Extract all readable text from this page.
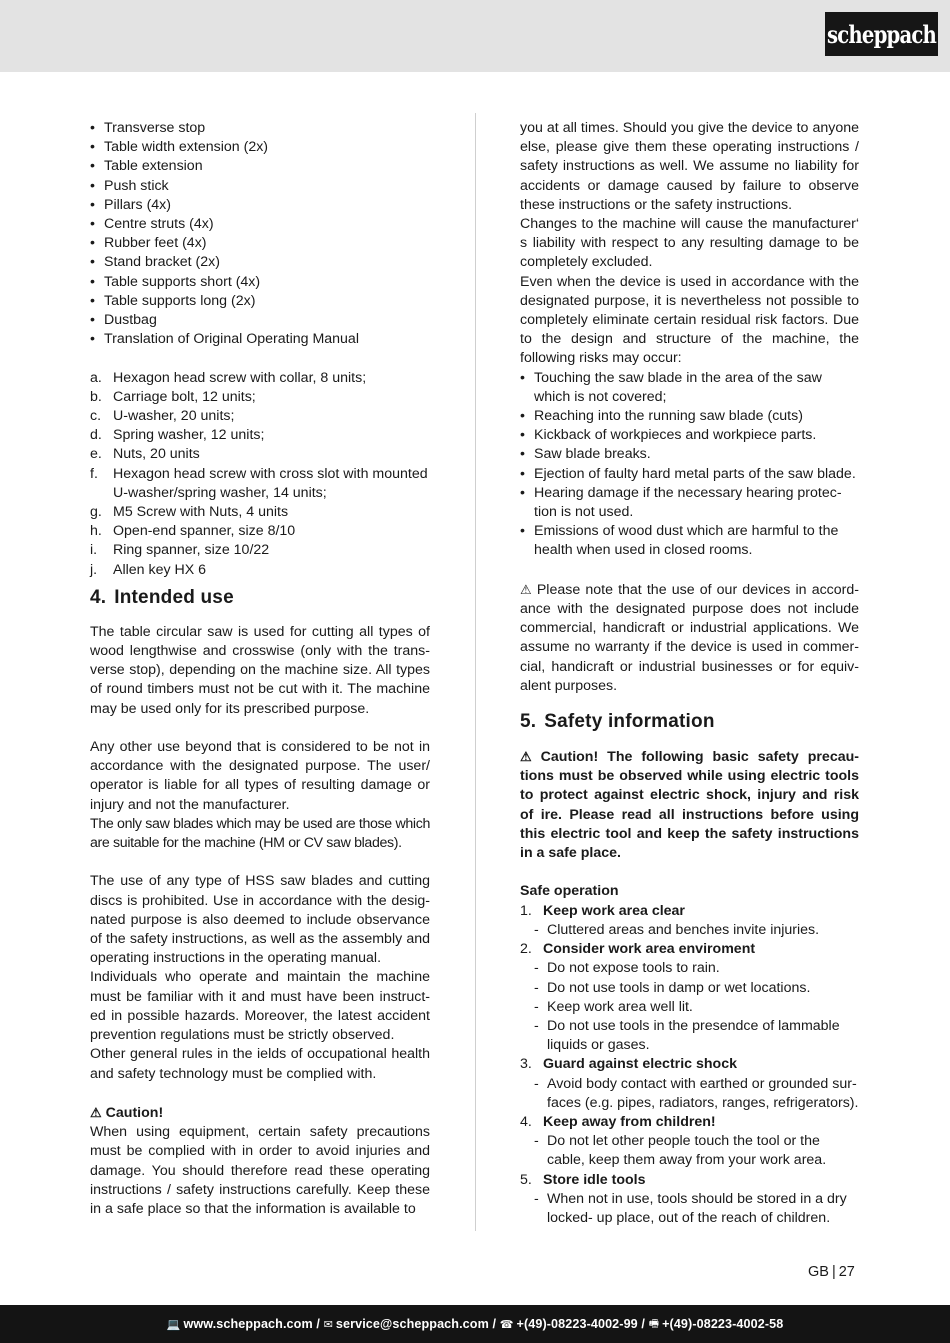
scheppach
• Transverse stop
• Table width extension (2x)
• Table extension
• Push stick
• Pillars (4x)
• Centre struts (4x)
• Rubber feet (4x)
• Stand bracket (2x)
• Table supports short (4x)
• Table supports long (2x)
• Dustbag
• Translation of Original Operating Manual
a. Hexagon head screw with collar, 8 units;
b. Carriage bolt, 12 units;
c. U-washer, 20 units;
d. Spring washer, 12 units;
e. Nuts, 20 units
f. Hexagon head screw with cross slot with mounted U-washer/spring washer, 14 units;
g. M5 Screw with Nuts, 4 units
h. Open-end spanner, size 8/10
i. Ring spanner, size 10/22
j. Allen key HX 6
4. Intended use

The table circular saw is used for cutting all types of wood lengthwise and crosswise (only with the trans-verse stop), depending on the machine size. All types of round timbers must not be cut with it. The machine may be used only for its prescribed purpose.

Any other use beyond that is considered to be not in accordance with the designated purpose. The user/ operator is liable for all types of resulting damage or injury and not the manufacturer.

The only saw blades which may be used are those which are suitable for the machine (HM or CV saw blades).

The use of any type of HSS saw blades and cutting discs is prohibited. Use in accordance with the desig-nated purpose is also deemed to include observance of the safety instructions, as well as the assembly and operating instructions in the operating manual.

Individuals who operate and maintain the machine must be familiar with it and must have been instruct-ed in possible hazards. Moreover, the latest accident prevention regulations must be strictly observed.

Other general rules in the ields of occupational health and safety technology must be complied with.

⚠ Caution!

When using equipment, certain safety precautions must be complied with in order to avoid injuries and damage. You should therefore read these operating instructions / safety instructions carefully. Keep these in a safe place so that the information is available to

you at all times. Should you give the device to anyone else, please give them these operating instructions / safety instructions as well. We assume no liability for accidents or damage caused by failure to observe these instructions or the safety instructions.

Changes to the machine will cause the manufacturer‘ s liability with respect to any resulting damage to be completely excluded.

Even when the device is used in accordance with the designated purpose, it is nevertheless not possible to completely eliminate certain residual risk factors. Due to the design and structure of the machine, the following risks may occur:

• Touching the saw blade in the area of the saw which is not covered;
• Reaching into the running saw blade (cuts)
• Kickback of workpieces and workpiece parts.
• Saw blade breaks.
• Ejection of faulty hard metal parts of the saw blade.
• Hearing damage if the necessary hearing protec-tion is not used.
• Emissions of wood dust which are harmful to the health when used in closed rooms.

⚠ Please note that the use of our devices in accord-ance with the designated purpose does not include commercial, handicraft or industrial applications. We assume no warranty if the device is used in commer-cial, handicraft or industrial businesses or for equiv-alent purposes.

5. Safety information

⚠ Caution! The following basic safety precau-tions must be observed while using electric tools to protect against electric shock, injury and risk of ire. Please read all instructions before using this electric tool and keep the safety instructions in a safe place.

Safe operation
1. Keep work area clear
- Cluttered areas and benches invite injuries.
2. Consider work area enviroment
- Do not expose tools to rain.
- Do not use tools in damp or wet locations.
- Keep work area well lit.
- Do not use tools in the presendce of lammable liquids or gases.
3. Guard against electric shock
- Avoid body contact with earthed or grounded sur-faces (e.g. pipes, radiators, ranges, refrigerators).
4. Keep away from children!
- Do not let other people touch the tool or the cable, keep them away from your work area.
5. Store idle tools
- When not in use, tools should be stored in a dry locked- up place, out of the reach of children.
GB | 27
💻 www.scheppach.com /
✉ service@scheppach.com /
☎ +(49)-08223-4002-99 /
🖷 +(49)-08223-4002-58
